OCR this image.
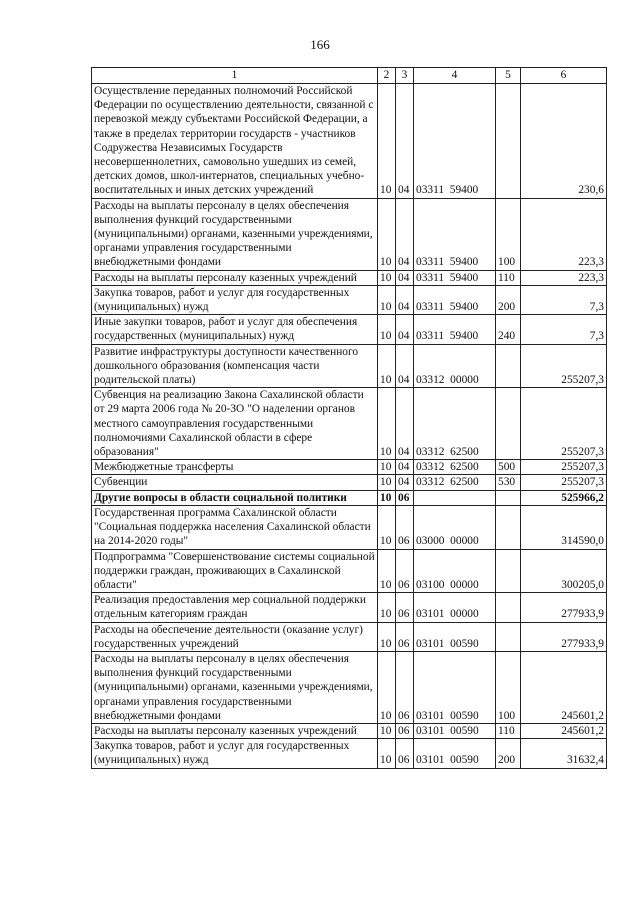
166
1	2	3	4	5	6
Осуществление переданных полномочий Российской Федерации по осуществлению деятельности, связанной с перевозкой между субъектами Российской Федерации, а также в пределах территории государств - участников Содружества Независимых Государств несовершеннолетних, самовольно ушедших из семей, детских домов, школ-интернатов, специальных учебно-воспитательных и иных детских учреждений	10	04	03311  59400		230,6
Расходы на выплаты персоналу в целях обеспечения выполнения функций государственными (муниципальными) органами, казенными учреждениями, органами управления государственными внебюджетными фондами	10	04	03311  59400	100	223,3
Расходы на выплаты персоналу казенных учреждений	10	04	03311  59400	110	223,3
Закупка товаров, работ и услуг для государственных (муниципальных) нужд	10	04	03311  59400	200	7,3
Иные закупки товаров, работ и услуг для обеспечения государственных (муниципальных) нужд	10	04	03311  59400	240	7,3
Развитие инфраструктуры доступности качественного дошкольного образования (компенсация части родительской платы)	10	04	03312  00000		255207,3
Субвенция на реализацию Закона Сахалинской области от 29 марта 2006 года № 20-ЗО "О наделении органов местного самоуправления государственными полномочиями Сахалинской области в сфере образования"	10	04	03312  62500		255207,3
Межбюджетные трансферты	10	04	03312  62500	500	255207,3
Субвенции	10	04	03312  62500	530	255207,3
Другие вопросы в области социальной политики	10	06			525966,2
Государственная программа Сахалинской области "Социальная поддержка населения Сахалинской области на 2014-2020 годы"	10	06	03000  00000		314590,0
Подпрограмма "Совершенствование системы социальной поддержки граждан, проживающих в Сахалинской области"	10	06	03100  00000		300205,0
Реализация предоставления мер социальной поддержки отдельным категориям граждан	10	06	03101  00000		277933,9
Расходы на обеспечение деятельности (оказание услуг) государственных учреждений	10	06	03101  00590		277933,9
Расходы на выплаты персоналу в целях обеспечения выполнения функций государственными (муниципальными) органами, казенными учреждениями, органами управления государственными внебюджетными фондами	10	06	03101  00590	100	245601,2
Расходы на выплаты персоналу казенных учреждений	10	06	03101  00590	110	245601,2
Закупка товаров, работ и услуг для государственных (муниципальных) нужд	10	06	03101  00590	200	31632,4
